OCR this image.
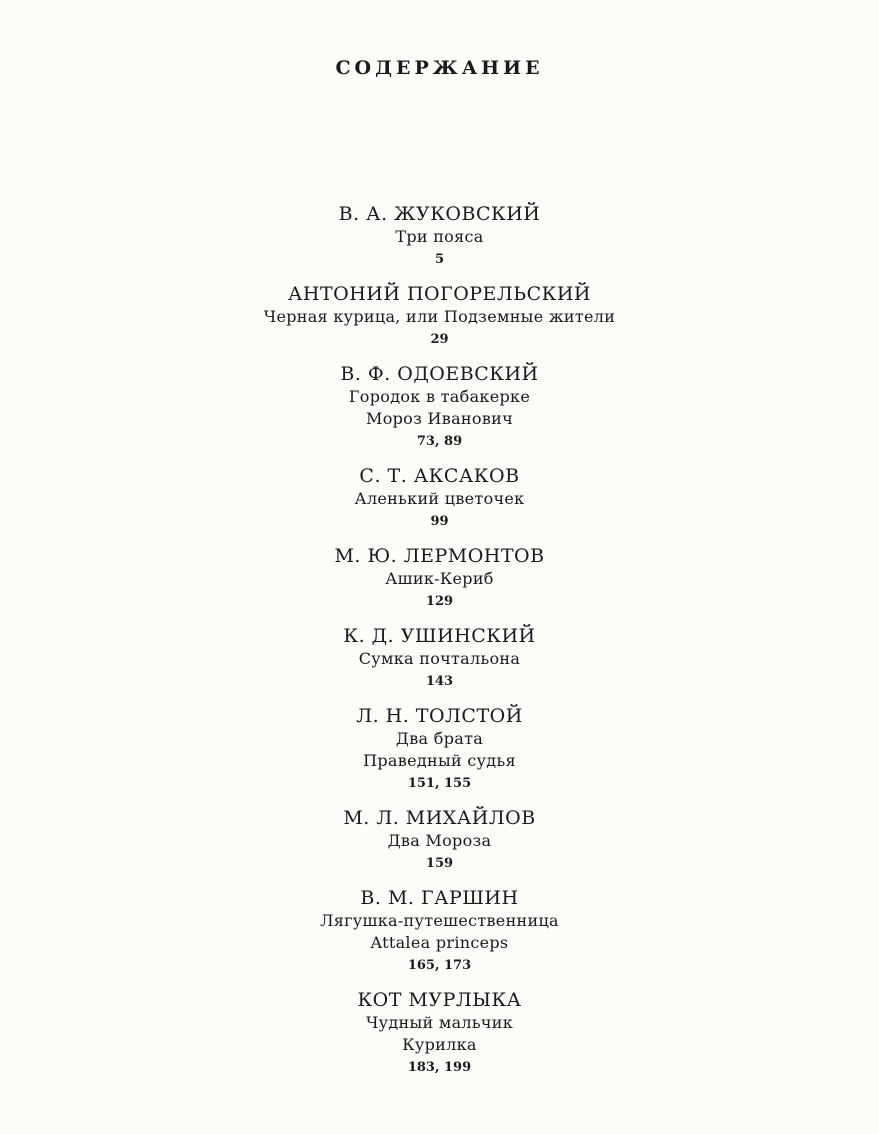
СОДЕРЖАНИЕ

В. А. ЖУКОВСКИЙ

Три пояса

5

АНТОНИЙ ПОГОРЕЛЬСКИЙ

Черная курица, или Подземные жители

29

В. Ф. ОДОЕВСКИЙ

Городок в табакерке

Мороз Иванович

73, 89

С. Т. АКСАКОВ

Аленький цветочек

99

М. Ю. ЛЕРМОНТОВ

Ашик-Кериб

129

К. Д. УШИНСКИЙ

Сумка почтальона

143

Л. Н. ТОЛСТОЙ

Два брата

Праведный судья

151, 155

М. Л. МИХАЙЛОВ

Два Мороза

159

В. М. ГАРШИН

Лягушка-путешественница

Attalea princeps

165, 173

КОТ МУРЛЫКА

Чудный мальчик

Курилка

183, 199
